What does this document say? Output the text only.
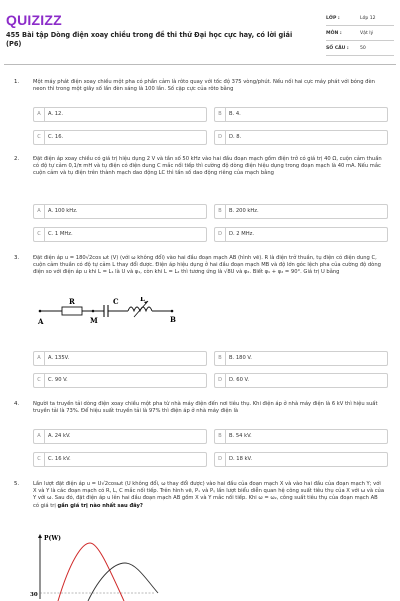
QUIZIZZ
455 Bài tập Dòng điện xoay chiều trong đề thi thử Đại học cực hay, có lời giải (P6)
LỚP :	Lớp 12
MÔN :	Vật lý
SỐ CÂU : 50
1.	Một máy phát điện xoay chiều một pha có phần cảm là rôto quay với tốc độ 375 vòng/phút. Nếu nối hai cực máy phát với bóng đèn neon thì trong một giây số lần đèn sáng là 100 lần. Số cặp cực của rôto bằng
A	A. 12.	B	B. 4.
C	C. 16.	D	D. 8.
2.	Đặt điện áp xoay chiều có giá trị hiệu dụng 2 V và tần số 50 kHz vào hai đầu đoạn mạch gồm điện trở có giá trị 40 Ω, cuộn cảm thuần có độ tự cảm 0,1/π mH và tụ điện có điện dung C mắc nối tiếp thì cường độ dòng điện hiệu dụng trong đoạn mạch là 40 mA. Nếu mắc cuộn cảm và tụ điện trên thành mạch dao động LC thì tần số dao động riêng của mạch bằng
A	A. 100 kHz.	B	B. 200 kHz.
C	C. 1 MHz.	D	D. 2 MHz.
3.	Đặt điện áp u = 180√2cos ωt (V) (với ω không đổi) vào hai đầu đoạn mạch AB (hình vẽ). R là điện trở thuần, tụ điện có điện dung C, cuộn cảm thuần có độ tự cảm L thay đổi được. Điện áp hiệu dụng ở hai đầu đoạn mạch MB và độ lớn góc lệch pha của cường độ dòng điện so với điện áp u khi L = L₁ là U và φ₁, còn khi L = L₂ thì tương ứng là √8U và φ₂. Biết φ₁ + φ₂ = 90°. Giá trị U bằng
R	C	L
A	M	B
A	A. 135V.	B	B. 180 V.
C	C. 90 V.	D	D. 60 V.
4.	Người ta truyền tải dòng điện xoay chiều một pha từ nhà máy điện đến nơi tiêu thụ. Khi điện áp ở nhà máy điện là 6 kV thì hiệu suất truyền tải là 73%. Để hiệu suất truyền tải là 97% thì điện áp ở nhà máy điện là
A	A. 24 kV.	B	B. 54 kV.
C	C. 16 kV.	D	D. 18 kV.
5.	Lần lượt đặt điện áp u = U√2cosωt (U không đổi, ω thay đổi được) vào hai đầu của đoạn mạch X và vào hai đầu của đoạn mạch Y; với X và Y là các đoạn mạch có R, L, C mắc nối tiếp. Trên hình vẽ, Pₓ và Pᵧ lần lượt biểu diễn quan hệ công suất tiêu thụ của X với ω và của Y với ω. Sau đó, đặt điện áp u lên hai đầu đoạn mạch AB gồm X và Y mắc nối tiếp. Khi ω = ω₂, công suất tiêu thụ của đoạn mạch AB có giá trị gần giá trị nào nhất sau đây?
P(W)
30
